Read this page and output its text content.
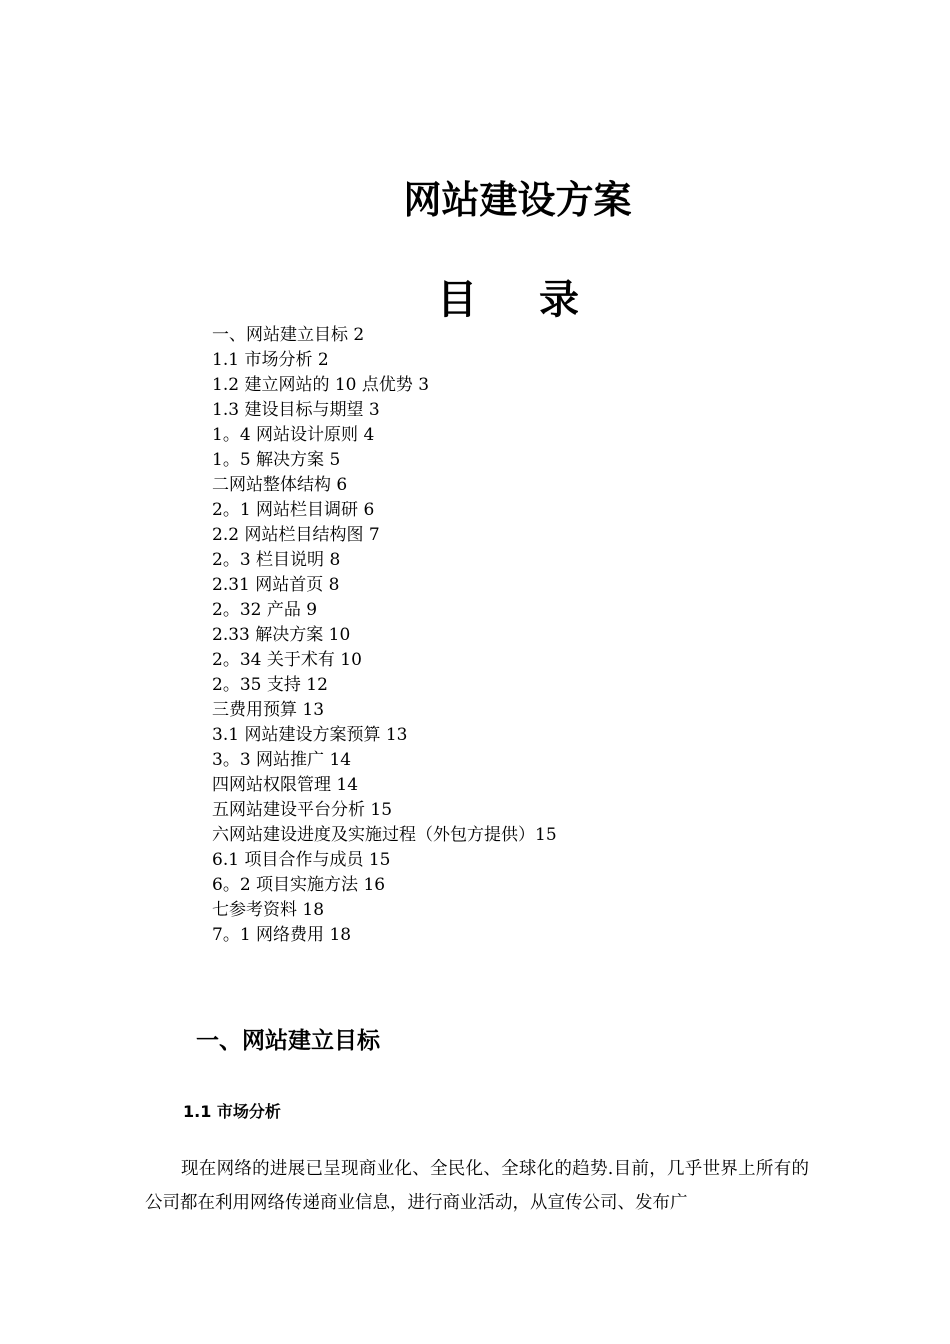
网站建设方案
目 录
一、网站建立目标 2
1.1 市场分析 2
1.2 建立网站的 10 点优势 3
1.3 建设目标与期望 3
1。4 网站设计原则 4
1。5 解决方案 5
二网站整体结构 6
2。1 网站栏目调研 6
2.2 网站栏目结构图 7
2。3 栏目说明 8
2.31 网站首页 8
2。32 产品 9
2.33 解决方案 10
2。34 关于术有 10
2。35 支持 12
三费用预算 13
3.1 网站建设方案预算 13
3。3 网站推广 14
四网站权限管理 14
五网站建设平台分析 15
六网站建设进度及实施过程（外包方提供）15
6.1 项目合作与成员 15
6。2 项目实施方法 16
七参考资料 18
7。1 网络费用 18
一、网站建立目标
1.1 市场分析

现在网络的进展已呈现商业化、全民化、全球化的趋势.目前，几乎世界上所有的公司都在利用网络传递商业信息，进行商业活动，从宣传公司、发布广
